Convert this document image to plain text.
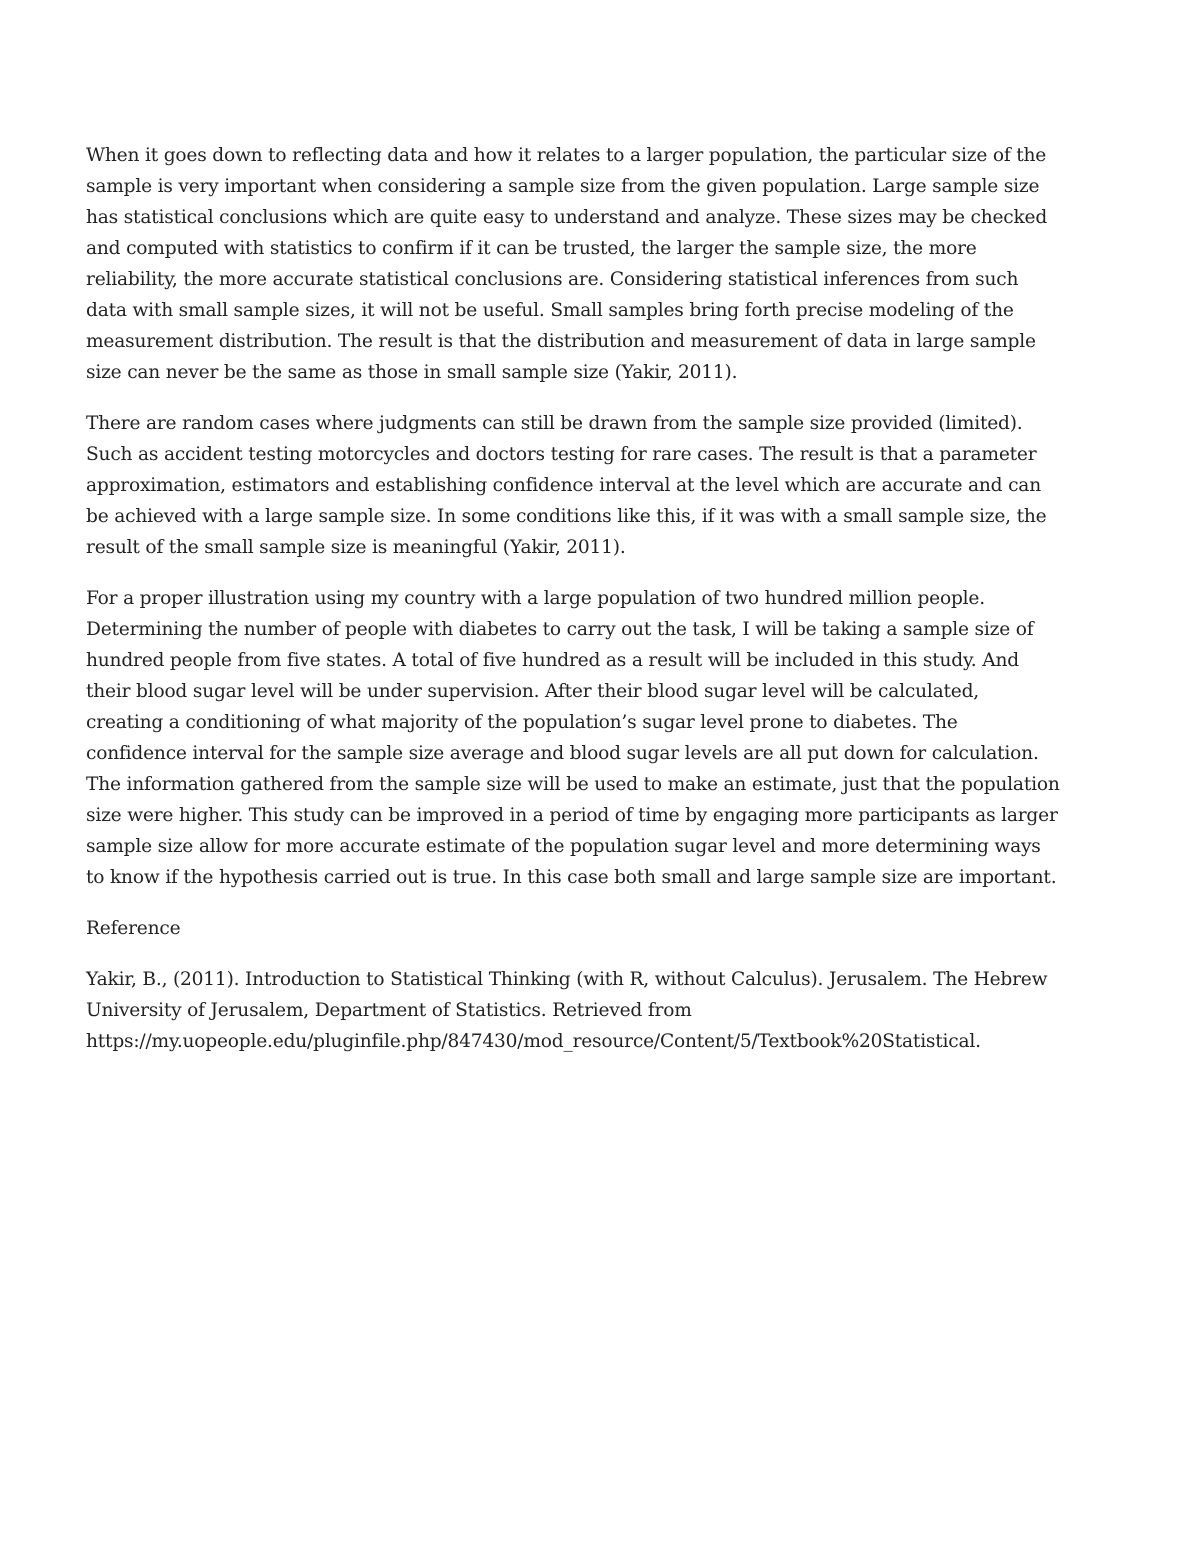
When it goes down to reflecting data and how it relates to a larger population, the particular size of the sample is very important when considering a sample size from the given population. Large sample size has statistical conclusions which are quite easy to understand and analyze. These sizes may be checked and computed with statistics to confirm if it can be trusted, the larger the sample size, the more reliability, the more accurate statistical conclusions are. Considering statistical inferences from such data with small sample sizes, it will not be useful. Small samples bring forth precise modeling of the measurement distribution. The result is that the distribution and measurement of data in large sample size can never be the same as those in small sample size (Yakir, 2011).

There are random cases where judgments can still be drawn from the sample size provided (limited). Such as accident testing motorcycles and doctors testing for rare cases. The result is that a parameter approximation, estimators and establishing confidence interval at the level which are accurate and can be achieved with a large sample size. In some conditions like this, if it was with a small sample size, the result of the small sample size is meaningful (Yakir, 2011).

For a proper illustration using my country with a large population of two hundred million people. Determining the number of people with diabetes to carry out the task, I will be taking a sample size of hundred people from five states. A total of five hundred as a result will be included in this study. And their blood sugar level will be under supervision. After their blood sugar level will be calculated, creating a conditioning of what majority of the population’s sugar level prone to diabetes. The confidence interval for the sample size average and blood sugar levels are all put down for calculation. The information gathered from the sample size will be used to make an estimate, just that the population size were higher. This study can be improved in a period of time by engaging more participants as larger sample size allow for more accurate estimate of the population sugar level and more determining ways to know if the hypothesis carried out is true. In this case both small and large sample size are important.

Reference

Yakir, B., (2011). Introduction to Statistical Thinking (with R, without Calculus). Jerusalem. The Hebrew University of Jerusalem, Department of Statistics. Retrieved from https://my.uopeople.edu/pluginfile.php/847430/mod_resource/Content/5/Textbook%20Statistical.
